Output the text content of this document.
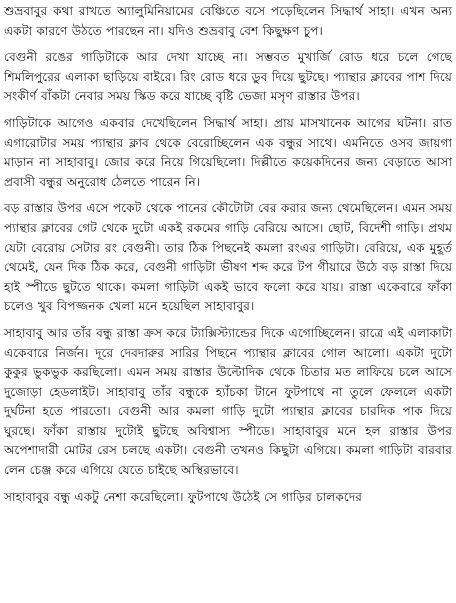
শুভ্রবাবুর কথা রাখতে অ্যালুমিনিয়ামের বেঞ্চিতে বসে পড়েছিলেন সিদ্ধার্থ সাহা। এখন অন্য একটা কারণে উঠতে পারছেন না। যদিও শুভ্রবাবু বেশ কিছুক্ষণ চুপ।

বেগুনী রঙের গাড়িটাকে আর দেখা যাচ্ছে না। সম্ভবত মুখার্জি রোড ধরে চলে গেছে শিমলিপুরের এলাকা ছাড়িয়ে বাইরে। রিং রোড ধরে ডুব দিয়ে ছুটছে। প্যান্থার ক্লাবের পাশ দিয়ে সংকীর্ণ বাঁকটা নেবার সময় স্কিড করে যাচ্ছে বৃষ্টি ভেজা মসৃণ রাস্তার উপর।

গাড়িটাকে আগেও একবার দেখেছিলেন সিদ্ধার্থ সাহা। প্রায় মাসখানেক আগের ঘটনা। রাত এগারোটার সময় প্যান্থার ক্লাব থেকে বেরোচ্ছিলেন এক বন্ধুর সাথে। এমনিতে ওসব জায়গা মাড়ান না সাহাবাবু। জোর করে নিয়ে গিয়েছিলো। দিল্লীতে কয়েকদিনের জন্য বেড়াতে আসা প্রবাসী বন্ধুর অনুরোধ ঠেলতে পারেন নি।

বড় রাস্তার উপর এসে পকেট থেকে পানের কৌটোটা বের করার জন্য থেমেছিলেন। এমন সময় প্যান্থার ক্লাবের গেট থেকে দুটো একই রকমের গাড়ি বেরিয়ে আসে। ছোট, বিদেশী গাড়ি। প্রথম যেটা বেরোয় সেটার রং বেগুনী। তার ঠিক পিছনেই কমলা রংএর গাড়িটা। বেরিয়ে, এক মুহূর্ত থেমেই, যেন দিক ঠিক করে, বেগুনী গাড়িটা ভীষণ শব্দ করে টপ গীয়ারে উঠে বড় রাস্তা দিয়ে হাই স্পীডে ছুটতে থাকে। কমলা গাড়িটা একই ভাবে ফলো করে যায়। রাস্তা একেবারে ফাঁকা চলেও খুব বিপজ্জনক খেলা মনে হয়েছিল সাহাবাবুর।

সাহাবাবু আর তাঁর বন্ধু রাস্তা ক্রস করে ট্যাক্সিস্ট্যান্ডের দিকে এগোচ্ছিলেন। রাত্রে এই এলাকাটা একেবারে নির্জন। দূরে দেবদারুর সারির পিছনে প্যান্থার ক্লাবের গোল আলো। একটা দুটো কুকুর ভুকভুক করছিলো। এমন সময় রাস্তার উল্টোদিক থেকে চিতার মত লাফিয়ে চলে আসে দুজোড়া হেডলাইট। সাহাবাবু তাঁর বন্ধুকে হ্যাঁচকা টানে ফুটপাথে না তুলে ফেললে একটা দুর্ঘটনা হতে পারতো। বেগুনী আর কমলা গাড়ি দুটো প্যান্থার ক্লাবের চারদিক পাক দিয়ে ঘুরছে। ফাঁকা রাস্তায় দুটোই ছুটছে অবিশ্বাস্য স্পীডে। সাহাবাবুর মনে হল রাস্তার উপর অপেশাদারী মোটর রেস চলছে একটা। বেগুনী তখনও কিছুটা এগিয়ে। কমলা গাড়িটা বারবার লেন চেঞ্জ করে এগিয়ে যেতে চাইছে অস্থিরভাবে।

সাহাবাবুর বন্ধু একটু নেশা করেছিলো। ফুটপাথে উঠেই সে গাড়ির চালকদের
